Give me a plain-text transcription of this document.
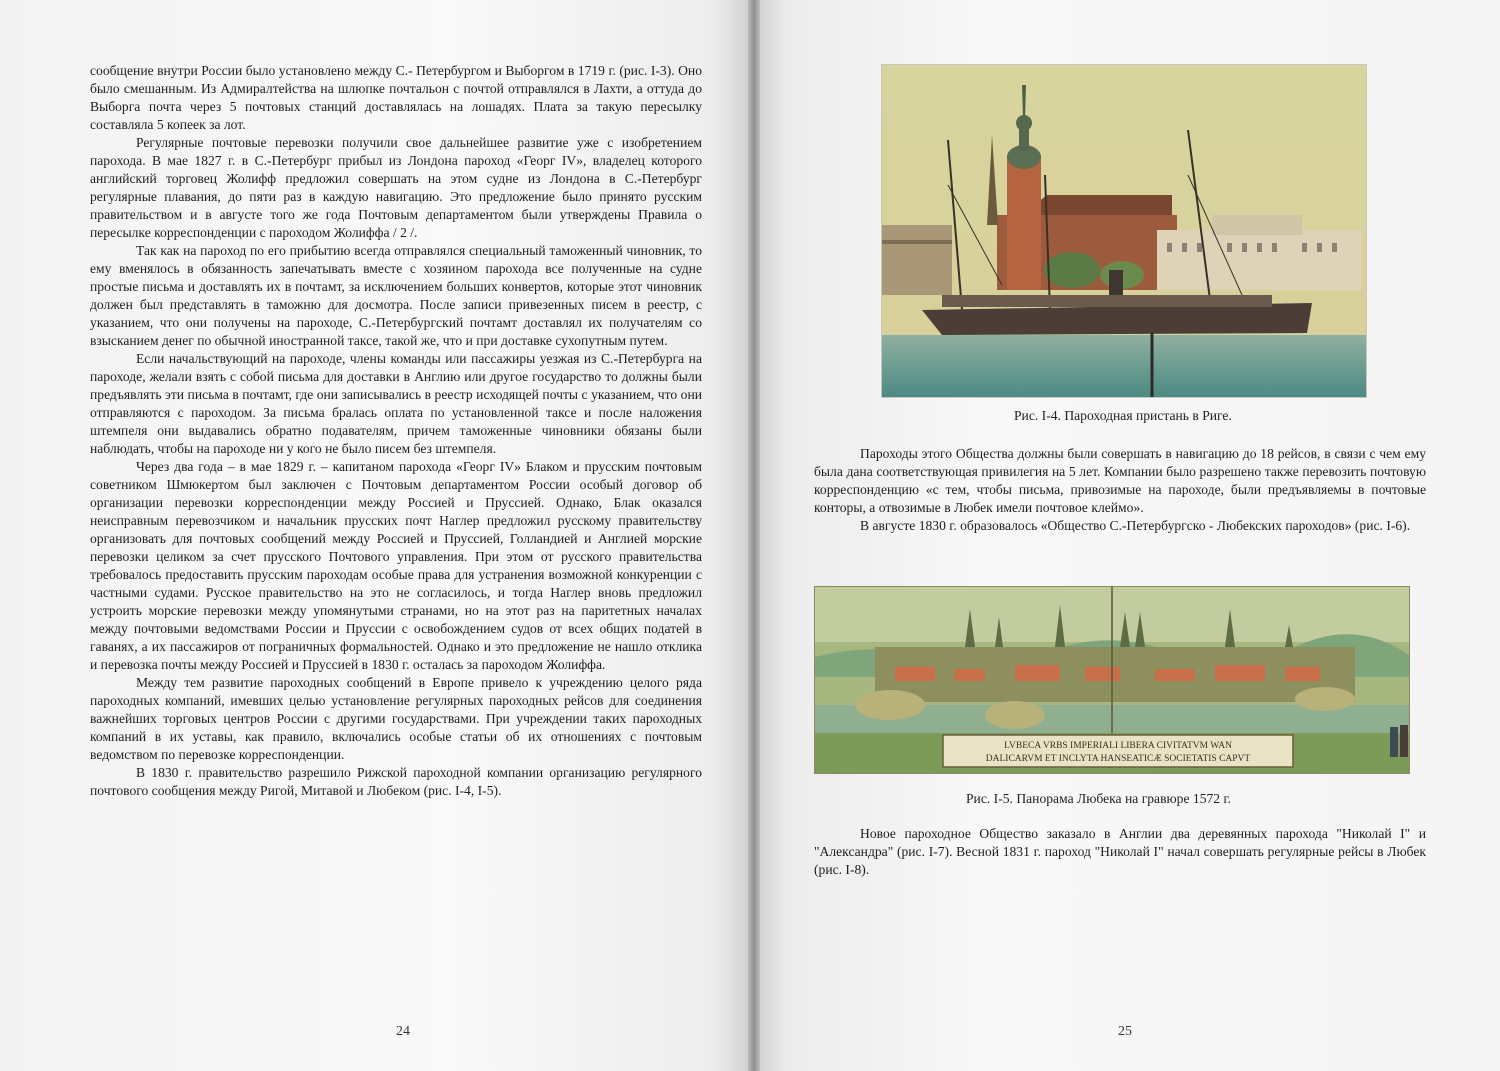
сообщение внутри России было установлено между С.- Петербургом и Выборгом в 1719 г. (рис. I-3). Оно было смешанным. Из Адмиралтейства на шлюпке почтальон с почтой отправлялся в Лахти, а оттуда до Выборга почта через 5 почтовых станций доставлялась на лошадях. Плата за такую пересылку составляла 5 копеек за лот.

Регулярные почтовые перевозки получили свое дальнейшее развитие уже с изобретением парохода. В мае 1827 г. в С.-Петербург прибыл из Лондона пароход «Георг IV», владелец которого английский торговец Жолифф предложил совершать на этом судне из Лондона в С.-Петербург регулярные плавания, до пяти раз в каждую навигацию. Это предложение было принято русским правительством и в августе того же года Почтовым департаментом были утверждены Правила о пересылке корреспонденции с пароходом Жолиффа / 2 /.

Так как на пароход по его прибытию всегда отправлялся специальный таможенный чиновник, то ему вменялось в обязанность запечатывать вместе с хозяином парохода все полученные на судне простые письма и доставлять их в почтамт, за исключением больших конвертов, которые этот чиновник должен был представлять в таможню для досмотра. После записи привезенных писем в реестр, с указанием, что они получены на пароходе, С.-Петербургский почтамт доставлял их получателям со взысканием денег по обычной иностранной таксе, такой же, что и при доставке сухопутным путем.

Если начальствующий на пароходе, члены команды или пассажиры уезжая из С.-Петербурга на пароходе, желали взять с собой письма для доставки в Англию или другое государство то должны были предъявлять эти письма в почтамт, где они записывались в реестр исходящей почты с указанием, что они отправляются с пароходом. За письма бралась оплата по установленной таксе и после наложения штемпеля они выдавались обратно подавателям, причем таможенные чиновники обязаны были наблюдать, чтобы на пароходе ни у кого не было писем без штемпеля.

Через два года – в мае 1829 г. – капитаном парохода «Георг IV» Блаком и прусским почтовым советником Шмюкертом был заключен с Почтовым департаментом России особый договор об организации перевозки корреспонденции между Россией и Пруссией. Однако, Блак оказался неисправным перевозчиком и начальник прусских почт Наглер предложил русскому правительству организовать для почтовых сообщений между Россией и Пруссией, Голландией и Англией морские перевозки целиком за счет прусского Почтового управления. При этом от русского правительства требовалось предоставить прусским пароходам особые права для устранения возможной конкуренции с частными судами. Русское правительство на это не согласилось, и тогда Наглер вновь предложил устроить морские перевозки между упомянутыми странами, но на этот раз на паритетных началах между почтовыми ведомствами России и Пруссии с освобождением судов от всех общих податей в гаванях, а их пассажиров от пограничных формальностей. Однако и это предложение не нашло отклика и перевозка почты между Россией и Пруссией в 1830 г. осталась за пароходом Жолиффа.

Между тем развитие пароходных сообщений в Европе привело к учреждению целого ряда пароходных компаний, имевших целью установление регулярных пароходных рейсов для соединения важнейших торговых центров России с другими государствами. При учреждении таких пароходных компаний в их уставы, как правило, включались особые статьи об их отношениях с почтовым ведомством по перевозке корреспонденции.

В 1830 г. правительство разрешило Рижской пароходной компании организацию регулярного почтового сообщения между Ригой, Митавой и Любеком (рис. I-4, I-5).

24
Рис. I-4. Пароходная пристань в Риге.

Пароходы этого Общества должны были совершать в навигацию до 18 рейсов, в связи с чем ему была дана соответствующая привилегия на 5 лет. Компании было разрешено также перевозить почтовую корреспонденцию «с тем, чтобы письма, привозимые на пароходе, были предъявляемы в почтовые конторы, а отвозимые в Любек имели почтовое клеймо».

В августе 1830 г. образовалось «Общество С.-Петербургско - Любекских пароходов» (рис. I-6).

LVBECA VRBS IMPERIALI LIBERA CIVITATVM WAN
DALICARVM ET INCLYTA HANSEATICÆ SOCIETATIS CAPVT
Рис. I-5. Панорама Любека на гравюре 1572 г.

Новое пароходное Общество заказало в Англии два деревянных парохода "Николай I" и "Александра" (рис. I-7). Весной 1831 г. пароход "Николай I" начал совершать регулярные рейсы в Любек (рис. I-8).

25
